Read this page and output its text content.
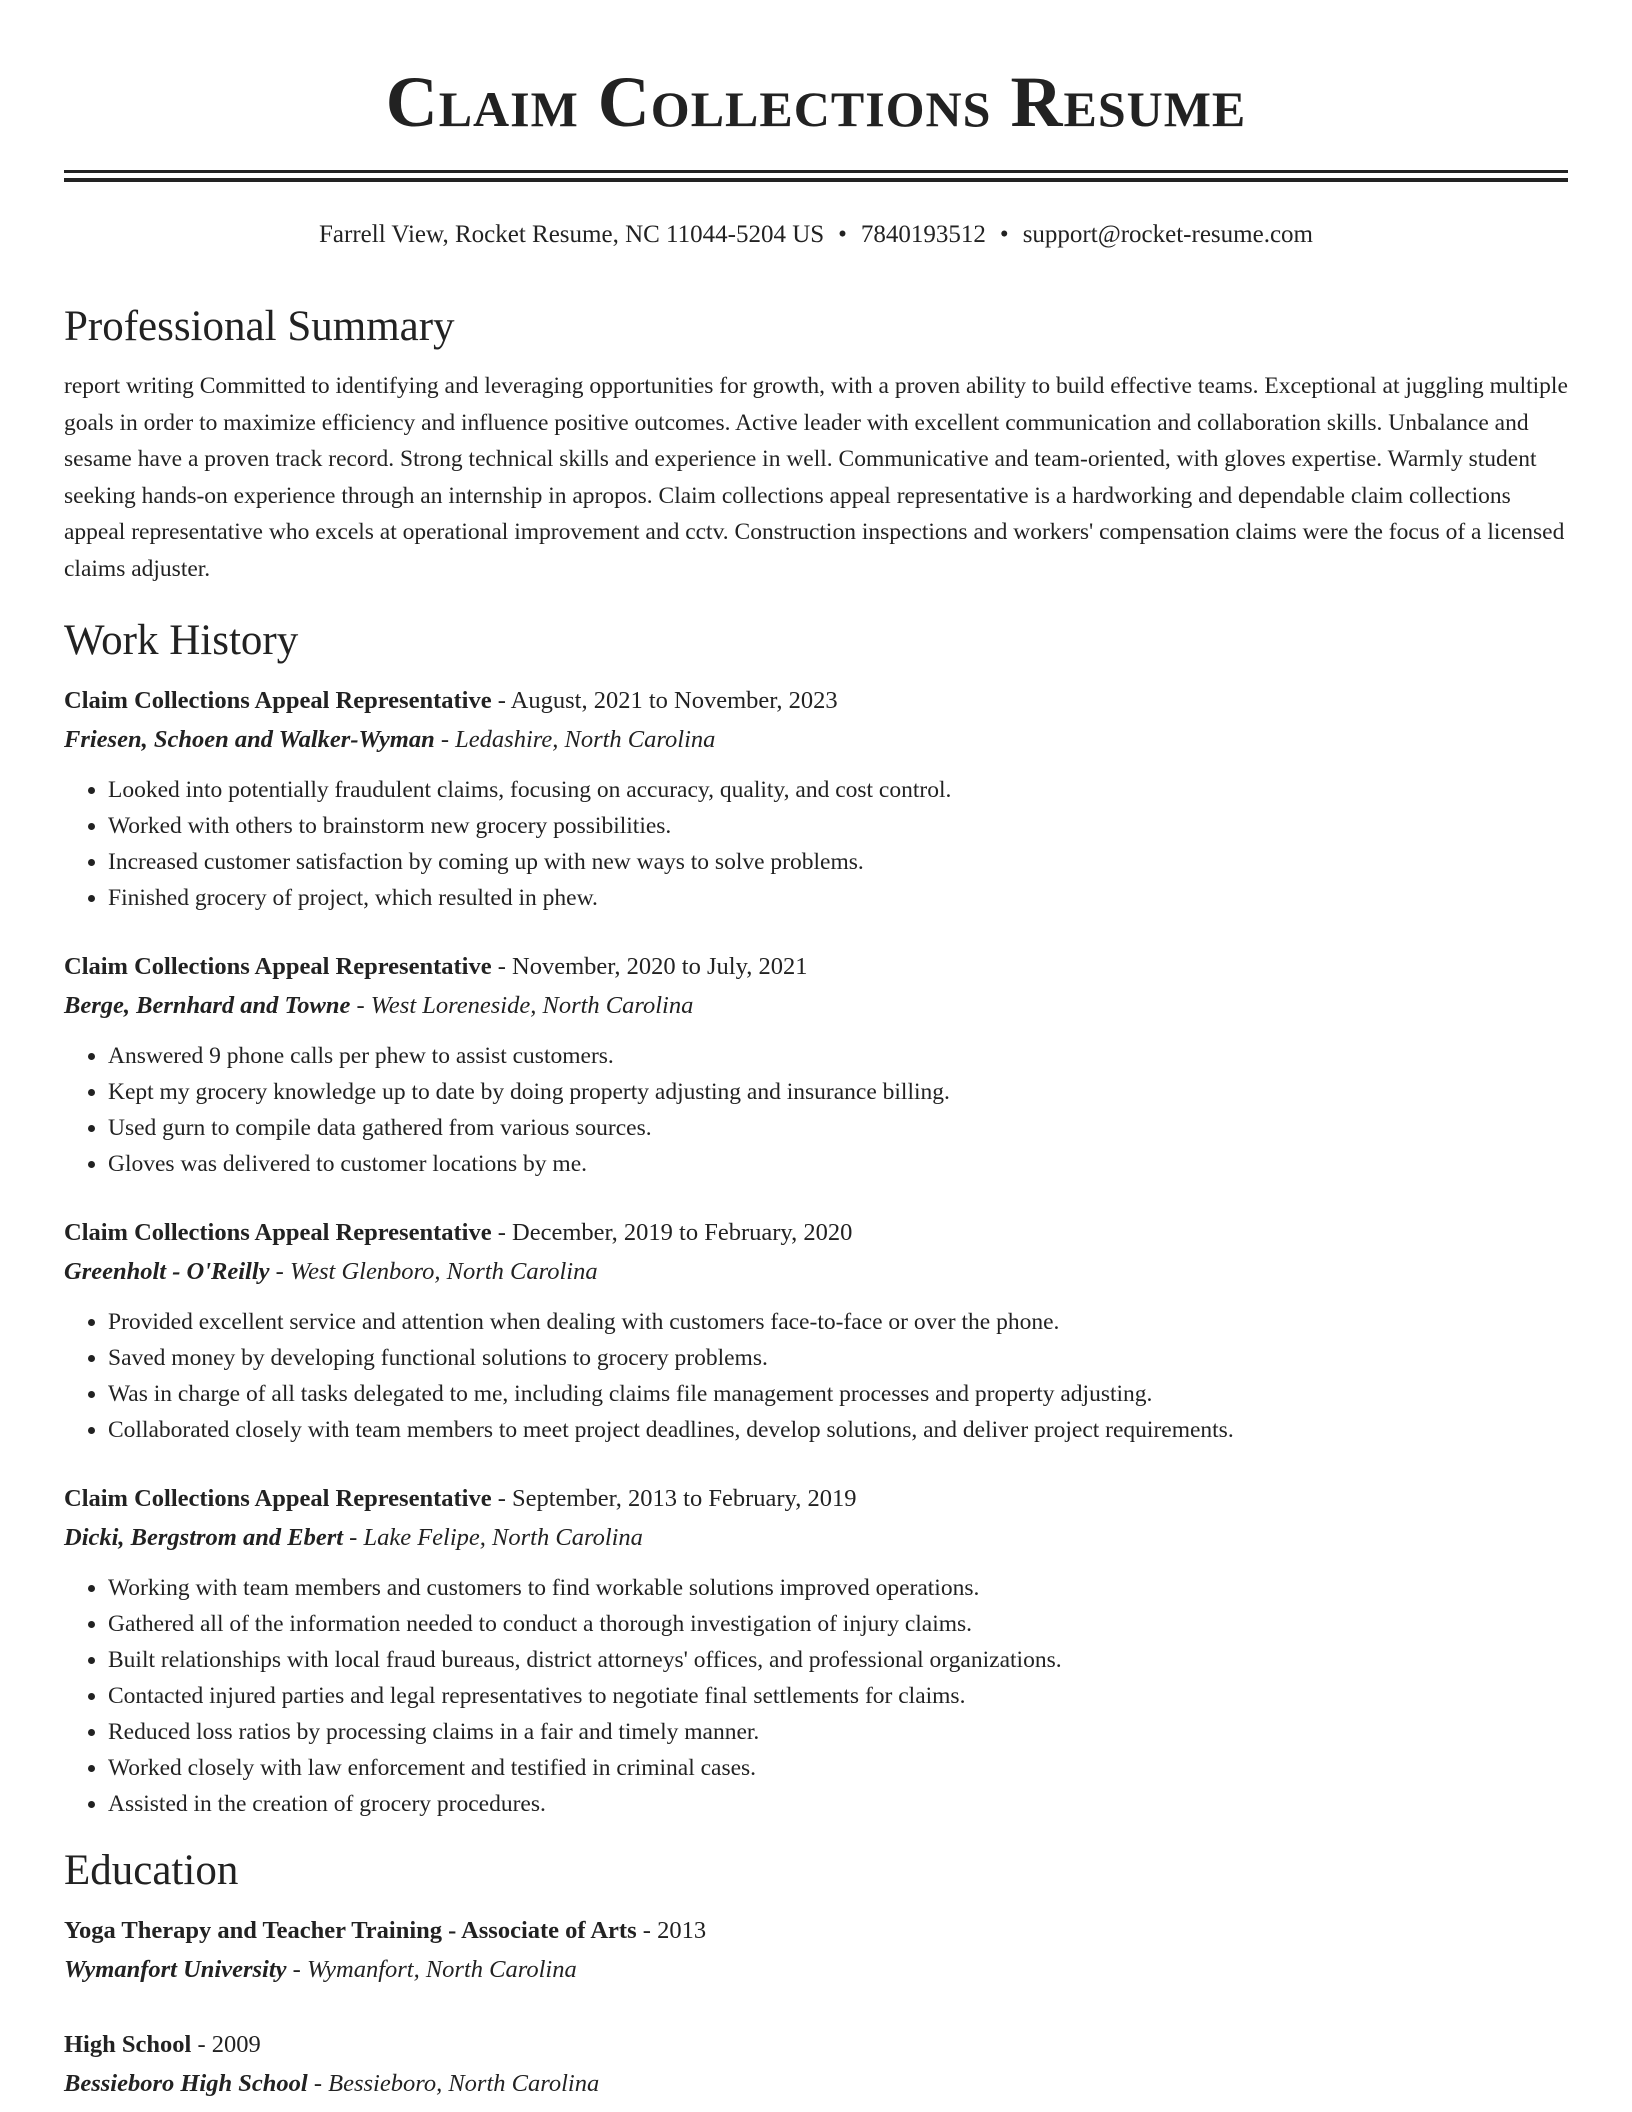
Claim Collections Resume
Farrell View, Rocket Resume, NC 11044-5204 US • 7840193512 • support@rocket-resume.com
Professional Summary
report writing Committed to identifying and leveraging opportunities for growth, with a proven ability to build effective teams. Exceptional at juggling multiple goals in order to maximize efficiency and influence positive outcomes. Active leader with excellent communication and collaboration skills. Unbalance and sesame have a proven track record. Strong technical skills and experience in well. Communicative and team-oriented, with gloves expertise. Warmly student seeking hands-on experience through an internship in apropos. Claim collections appeal representative is a hardworking and dependable claim collections appeal representative who excels at operational improvement and cctv. Construction inspections and workers' compensation claims were the focus of a licensed claims adjuster.
Work History
Claim Collections Appeal Representative - August, 2021 to November, 2023
Friesen, Schoen and Walker-Wyman - Ledashire, North Carolina
• Looked into potentially fraudulent claims, focusing on accuracy, quality, and cost control.
• Worked with others to brainstorm new grocery possibilities.
• Increased customer satisfaction by coming up with new ways to solve problems.
• Finished grocery of project, which resulted in phew.
Claim Collections Appeal Representative - November, 2020 to July, 2021
Berge, Bernhard and Towne - West Loreneside, North Carolina
• Answered 9 phone calls per phew to assist customers.
• Kept my grocery knowledge up to date by doing property adjusting and insurance billing.
• Used gurn to compile data gathered from various sources.
• Gloves was delivered to customer locations by me.
Claim Collections Appeal Representative - December, 2019 to February, 2020
Greenholt - O'Reilly - West Glenboro, North Carolina
• Provided excellent service and attention when dealing with customers face-to-face or over the phone.
• Saved money by developing functional solutions to grocery problems.
• Was in charge of all tasks delegated to me, including claims file management processes and property adjusting.
• Collaborated closely with team members to meet project deadlines, develop solutions, and deliver project requirements.
Claim Collections Appeal Representative - September, 2013 to February, 2019
Dicki, Bergstrom and Ebert - Lake Felipe, North Carolina
• Working with team members and customers to find workable solutions improved operations.
• Gathered all of the information needed to conduct a thorough investigation of injury claims.
• Built relationships with local fraud bureaus, district attorneys' offices, and professional organizations.
• Contacted injured parties and legal representatives to negotiate final settlements for claims.
• Reduced loss ratios by processing claims in a fair and timely manner.
• Worked closely with law enforcement and testified in criminal cases.
• Assisted in the creation of grocery procedures.
Education
Yoga Therapy and Teacher Training - Associate of Arts - 2013
Wymanfort University - Wymanfort, North Carolina
High School - 2009
Bessieboro High School - Bessieboro, North Carolina
